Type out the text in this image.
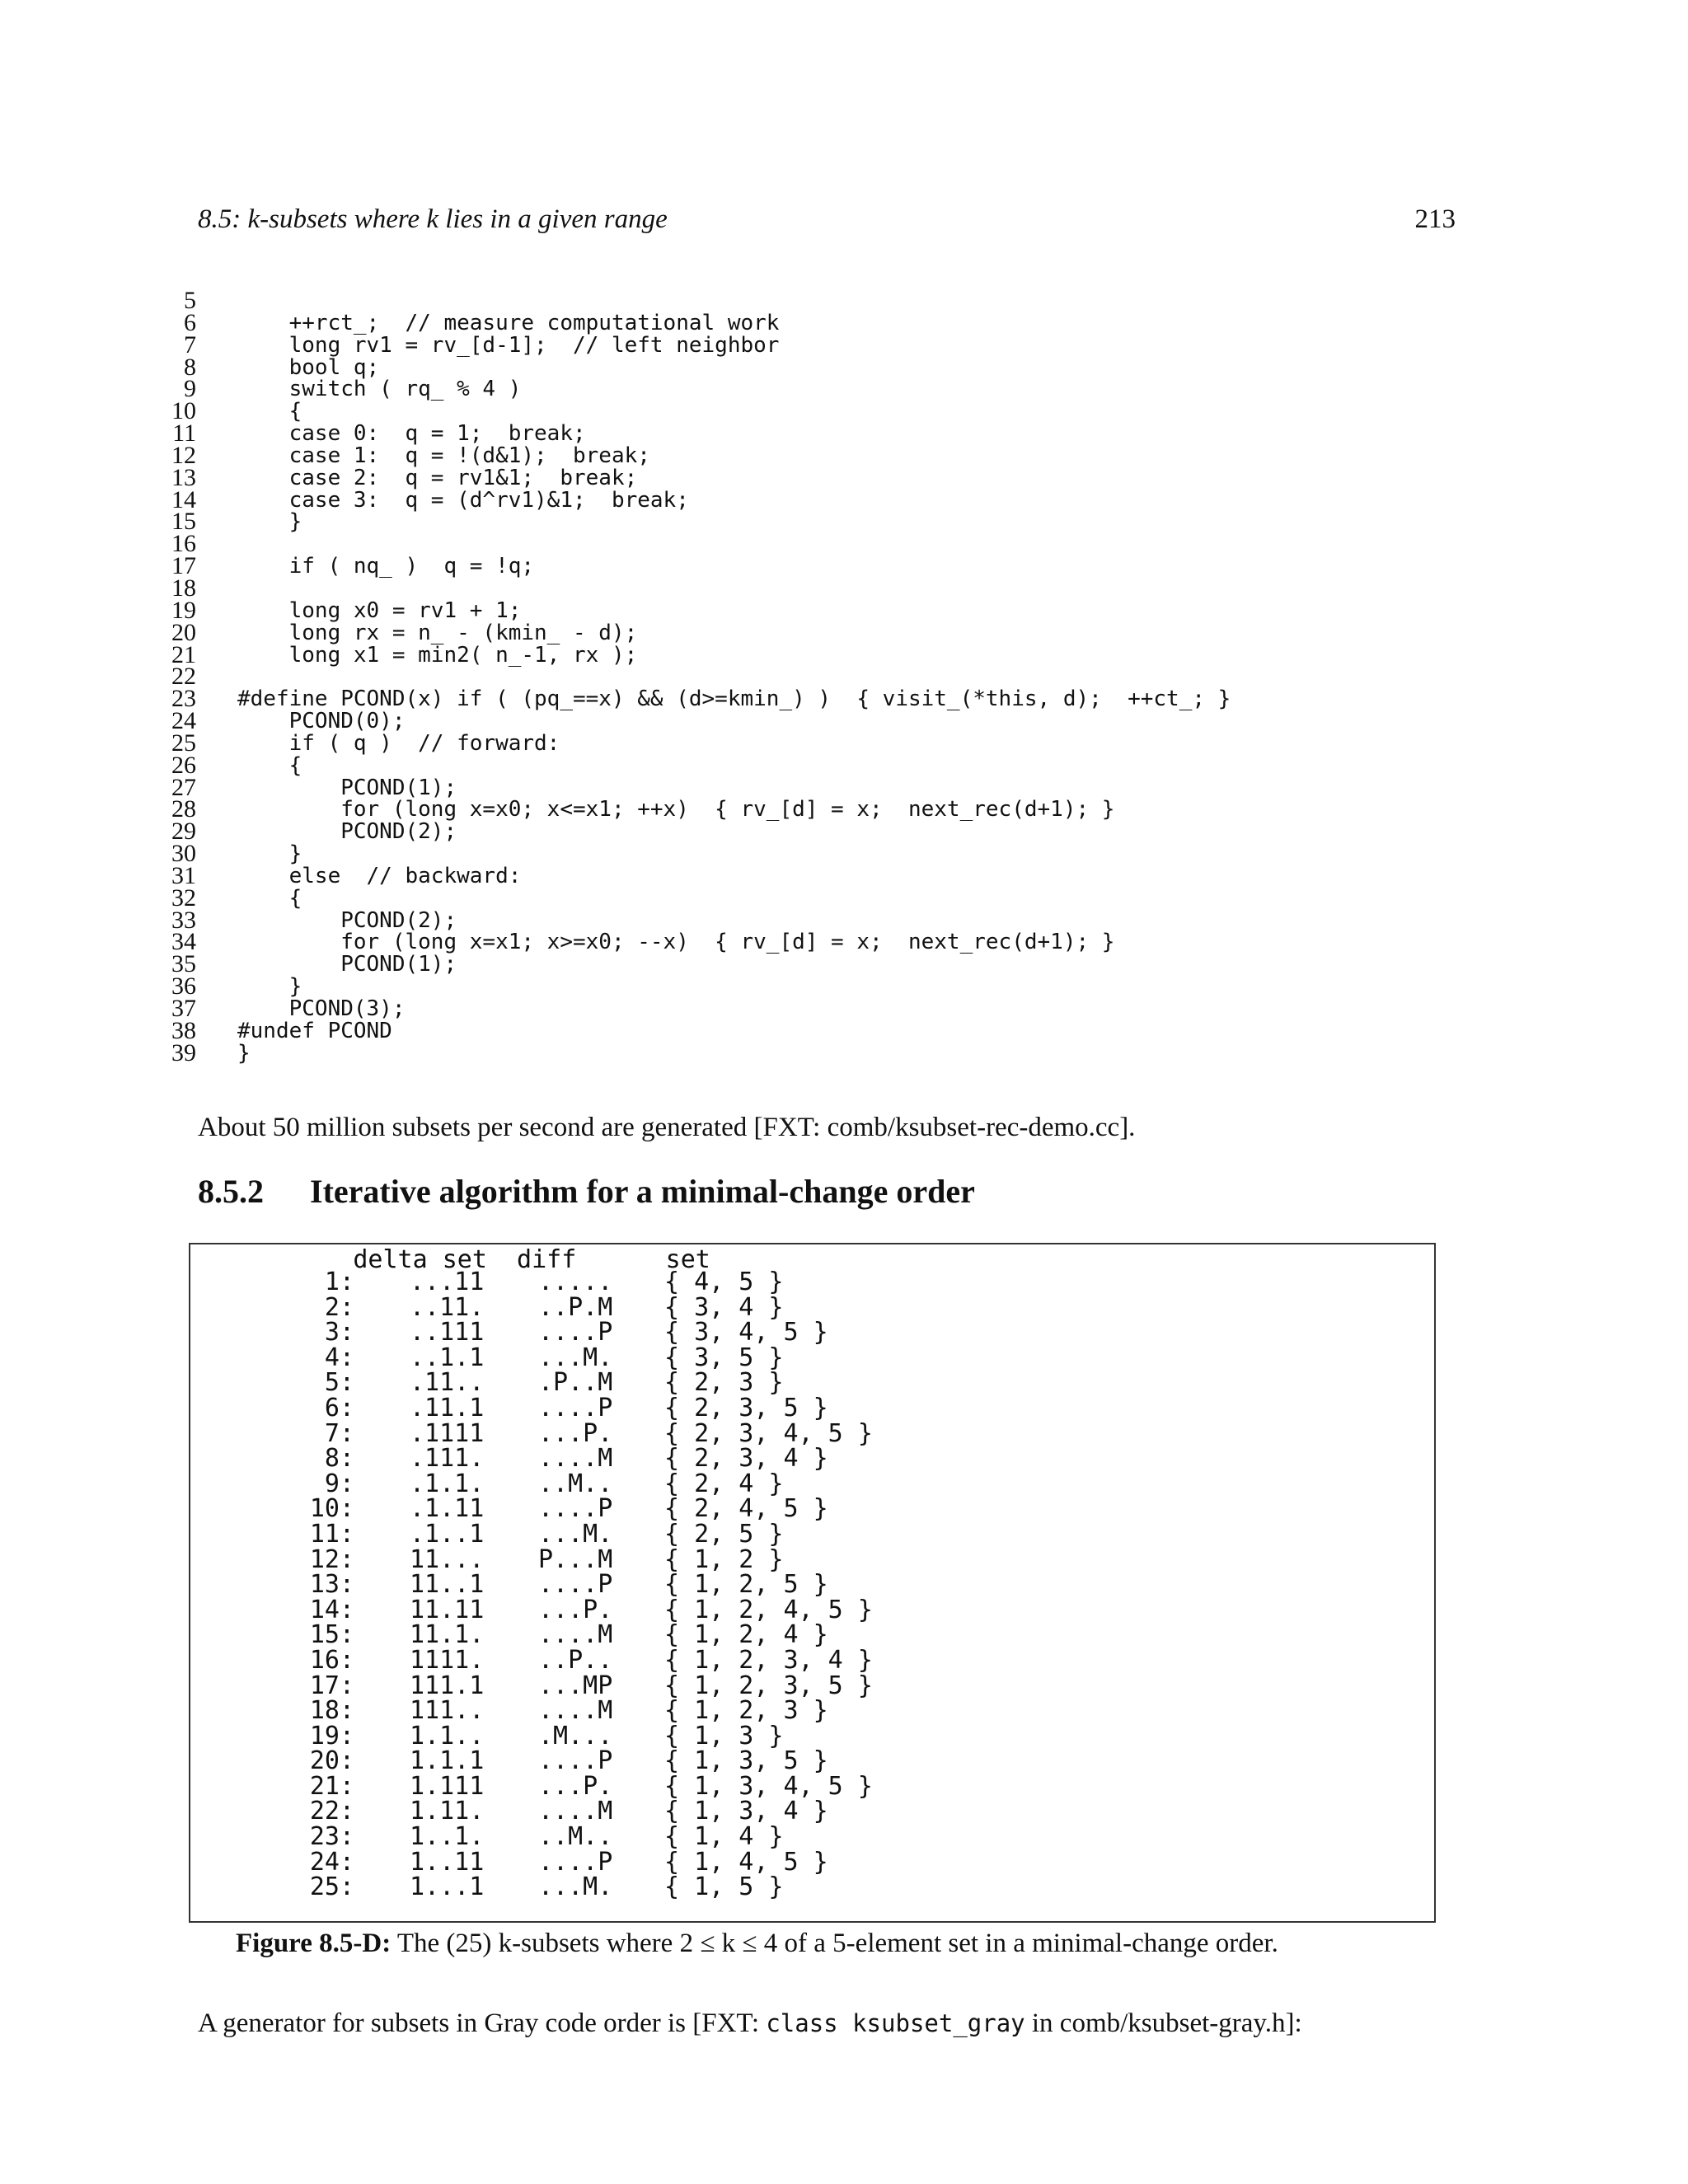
8.5: k-subsets where k lies in a given range	213
5
6 ++rct_;  // measure computational work
7 long rv1 = rv_[d-1];  // left neighbor
8 bool q;
9 switch ( rq_ % 4 )
10 {
11 case 0:  q = 1;  break;
12 case 1:  q = !(d&1);  break;
13 case 2:  q = rv1&1;  break;
14 case 3:  q = (d^rv1)&1;  break;
15 }
16
17 if ( nq_ )  q = !q;
18
19 long x0 = rv1 + 1;
20 long rx = n_ - (kmin_ - d);
21 long x1 = min2( n_-1, rx );
22
23 #define PCOND(x) if ( (pq_==x) && (d>=kmin_) )  { visit_(*this, d);  ++ct_; }
24 PCOND(0);
25 if ( q )  // forward:
26 {
27 PCOND(1);
28 for (long x=x0; x<=x1; ++x)  { rv_[d] = x;  next_rec(d+1); }
29 PCOND(2);
30 }
31 else  // backward:
32 {
33 PCOND(2);
34 for (long x=x1; x>=x0; --x)  { rv_[d] = x;  next_rec(d+1); }
35 PCOND(1);
36 }
37 PCOND(3);
38 #undef PCOND
39 }
About 50 million subsets per second are generated [FXT: comb/ksubset-rec-demo.cc].
8.5.2 Iterative algorithm for a minimal-change order
delta set  diff      set
1: ...11 ..... { 4, 5 }
2: ..11. ..P.M { 3, 4 }
3: ..111 ....P { 3, 4, 5 }
4: ..1.1 ...M. { 3, 5 }
5: .11.. .P..M { 2, 3 }
6: .11.1 ....P { 2, 3, 5 }
7: .1111 ...P. { 2, 3, 4, 5 }
8: .111. ....M { 2, 3, 4 }
9: .1.1. ..M.. { 2, 4 }
10: .1.11 ....P { 2, 4, 5 }
11: .1..1 ...M. { 2, 5 }
12: 11... P...M { 1, 2 }
13: 11..1 ....P { 1, 2, 5 }
14: 11.11 ...P. { 1, 2, 4, 5 }
15: 11.1. ....M { 1, 2, 4 }
16: 1111. ..P.. { 1, 2, 3, 4 }
17: 111.1 ...MP { 1, 2, 3, 5 }
18: 111.. ....M { 1, 2, 3 }
19: 1.1.. .M... { 1, 3 }
20: 1.1.1 ....P { 1, 3, 5 }
21: 1.111 ...P. { 1, 3, 4, 5 }
22: 1.11. ....M { 1, 3, 4 }
23: 1..1. ..M.. { 1, 4 }
24: 1..11 ....P { 1, 4, 5 }
25: 1...1 ...M. { 1, 5 }
Figure 8.5-D: The (25) k-subsets where 2 ≤ k ≤ 4 of a 5-element set in a minimal-change order.
A generator for subsets in Gray code order is [FXT: class ksubset_gray in comb/ksubset-gray.h]:
